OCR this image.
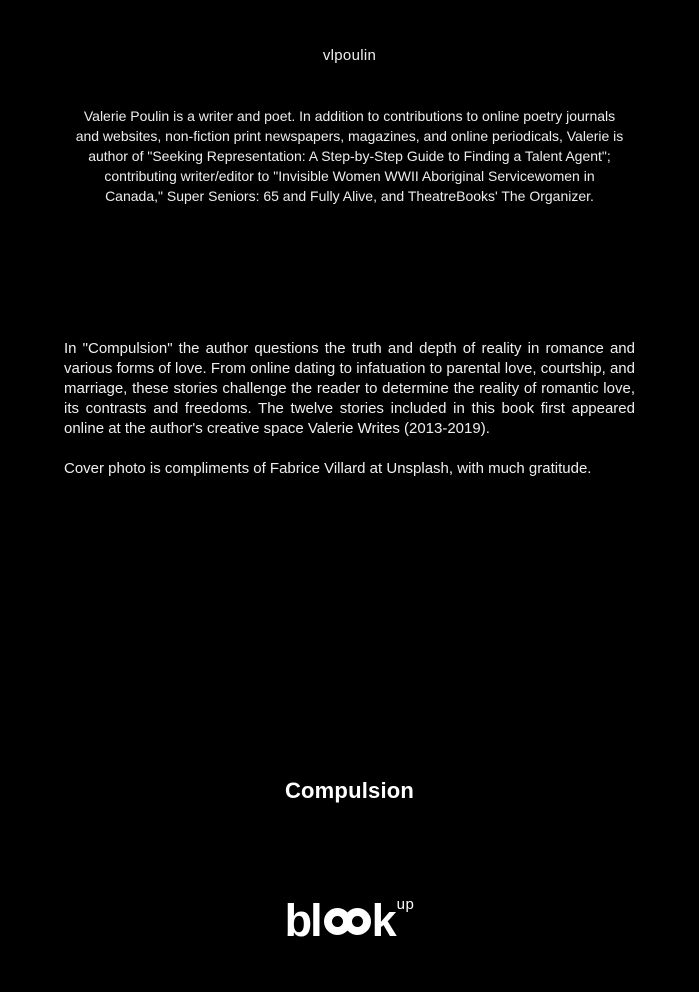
vlpoulin

Valerie Poulin is a writer and poet. In addition to contributions to online poetry journals and websites, non-fiction print newspapers, magazines, and online periodicals, Valerie is author of "Seeking Representation: A Step-by-Step Guide to Finding a Talent Agent"; contributing writer/editor to "Invisible Women WWII Aboriginal Servicewomen in Canada," Super Seniors: 65 and Fully Alive, and TheatreBooks' The Organizer.

In "Compulsion" the author questions the truth and depth of reality in romance and various forms of love. From online dating to infatuation to parental love, courtship, and marriage, these stories challenge the reader to determine the reality of romantic love, its contrasts and freedoms. The twelve stories included in this book first appeared online at the author's creative space Valerie Writes (2013-2019).

Cover photo is compliments of Fabrice Villard at Unsplash, with much gratitude.

Compulsion
bl k up
